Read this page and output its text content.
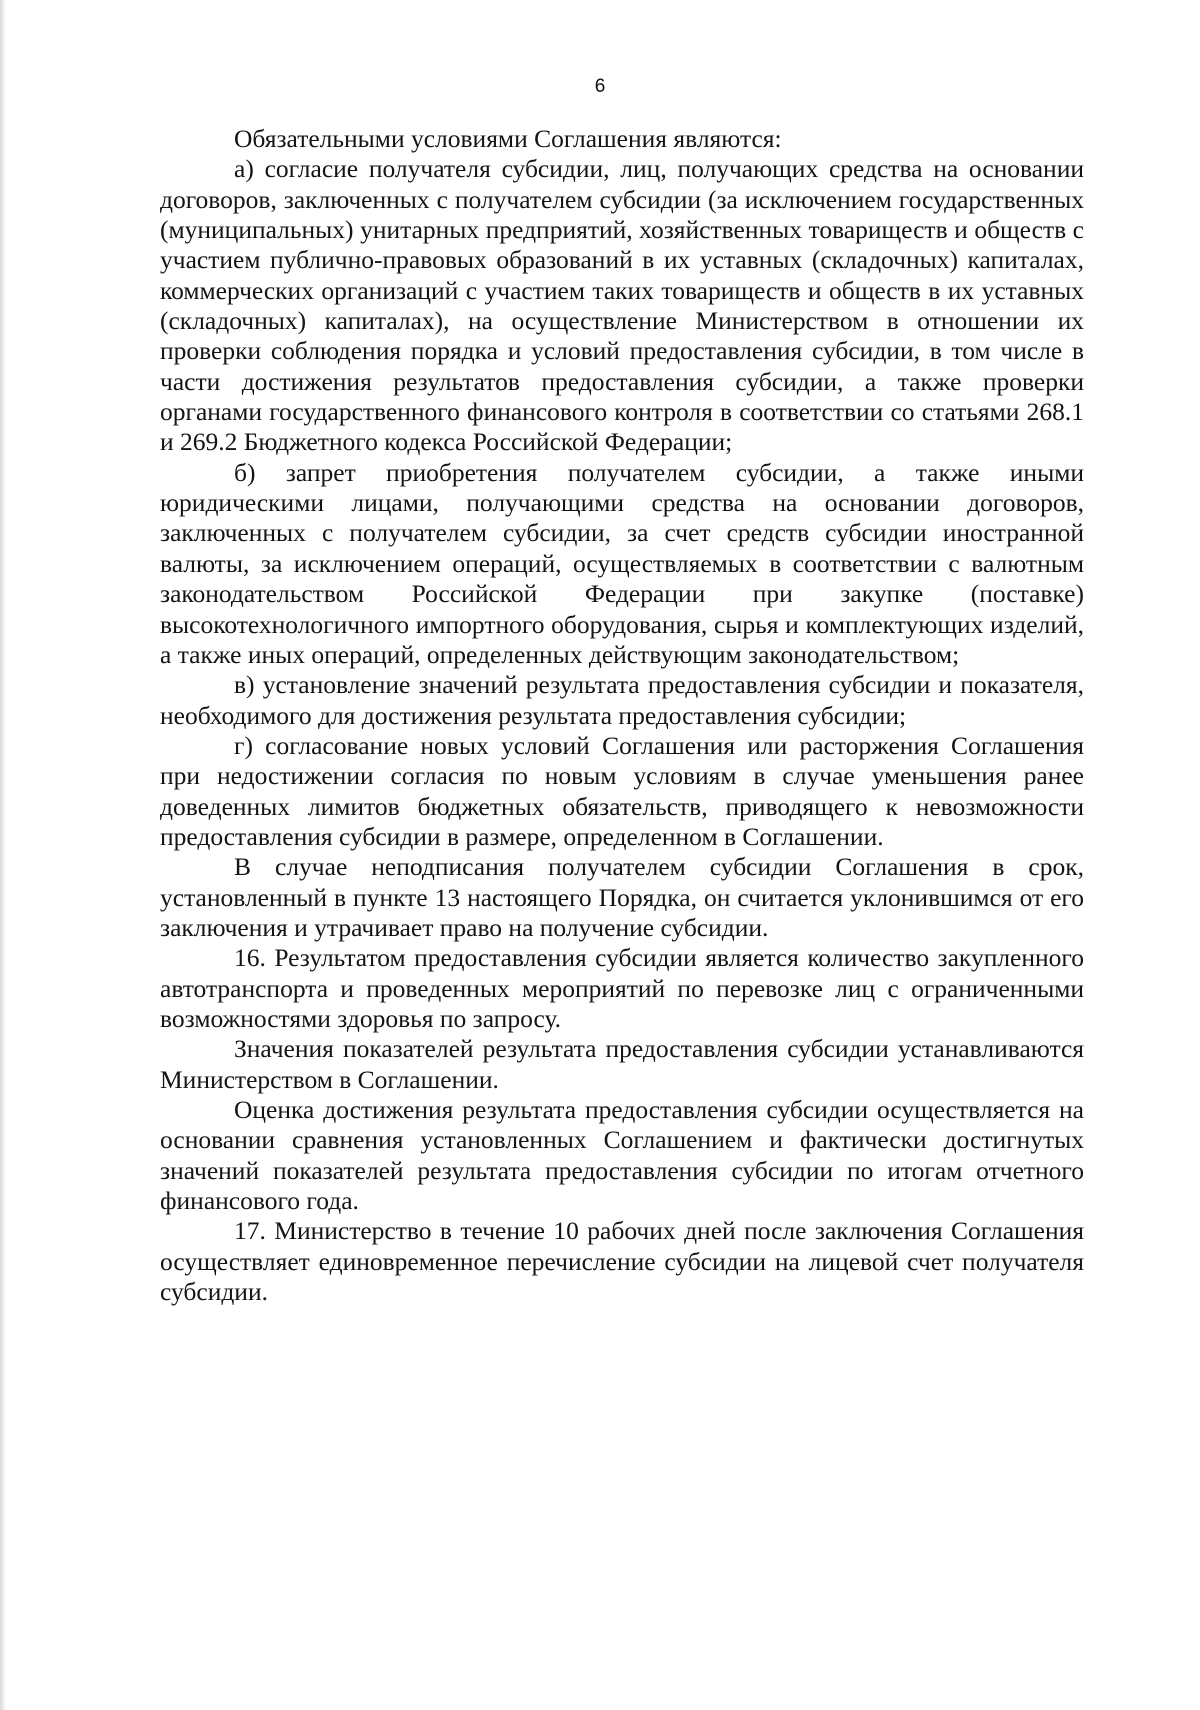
6

Обязательными условиями Соглашения являются:

а) согласие получателя субсидии, лиц, получающих средства на основании договоров, заключенных с получателем субсидии (за исключением государственных (муниципальных) унитарных предприятий, хозяйственных товариществ и обществ с участием публично-правовых образований в их уставных (складочных) капиталах, коммерческих организаций с участием таких товариществ и обществ в их уставных (складочных) капиталах), на осуществление Министерством в отношении их проверки соблюдения порядка и условий предоставления субсидии, в том числе в части достижения результатов предоставления субсидии, а также проверки органами государственного финансового контроля в соответствии со статьями 268.1 и 269.2 Бюджетного кодекса Российской Федерации;

б) запрет приобретения получателем субсидии, а также иными юридическими лицами, получающими средства на основании договоров, заключенных с получателем субсидии, за счет средств субсидии иностранной валюты, за исключением операций, осуществляемых в соответствии с валютным законодательством Российской Федерации при закупке (поставке) высокотехнологичного импортного оборудования, сырья и комплектующих изделий, а также иных операций, определенных действующим законодательством;

в) установление значений результата предоставления субсидии и показателя, необходимого для достижения результата предоставления субсидии;

г) согласование новых условий Соглашения или расторжения Соглашения при недостижении согласия по новым условиям в случае уменьшения ранее доведенных лимитов бюджетных обязательств, приводящего к невозможности предоставления субсидии в размере, определенном в Соглашении.

В случае неподписания получателем субсидии Соглашения в срок, установленный в пункте 13 настоящего Порядка, он считается уклонившимся от его заключения и утрачивает право на получение субсидии.

16. Результатом предоставления субсидии является количество закупленного автотранспорта и проведенных мероприятий по перевозке лиц с ограниченными возможностями здоровья по запросу.

Значения показателей результата предоставления субсидии устанавливаются Министерством в Соглашении.

Оценка достижения результата предоставления субсидии осуществляется на основании сравнения установленных Соглашением и фактически достигнутых значений показателей результата предоставления субсидии по итогам отчетного финансового года.

17. Министерство в течение 10 рабочих дней после заключения Соглашения осуществляет единовременное перечисление субсидии на лицевой счет получателя субсидии.
